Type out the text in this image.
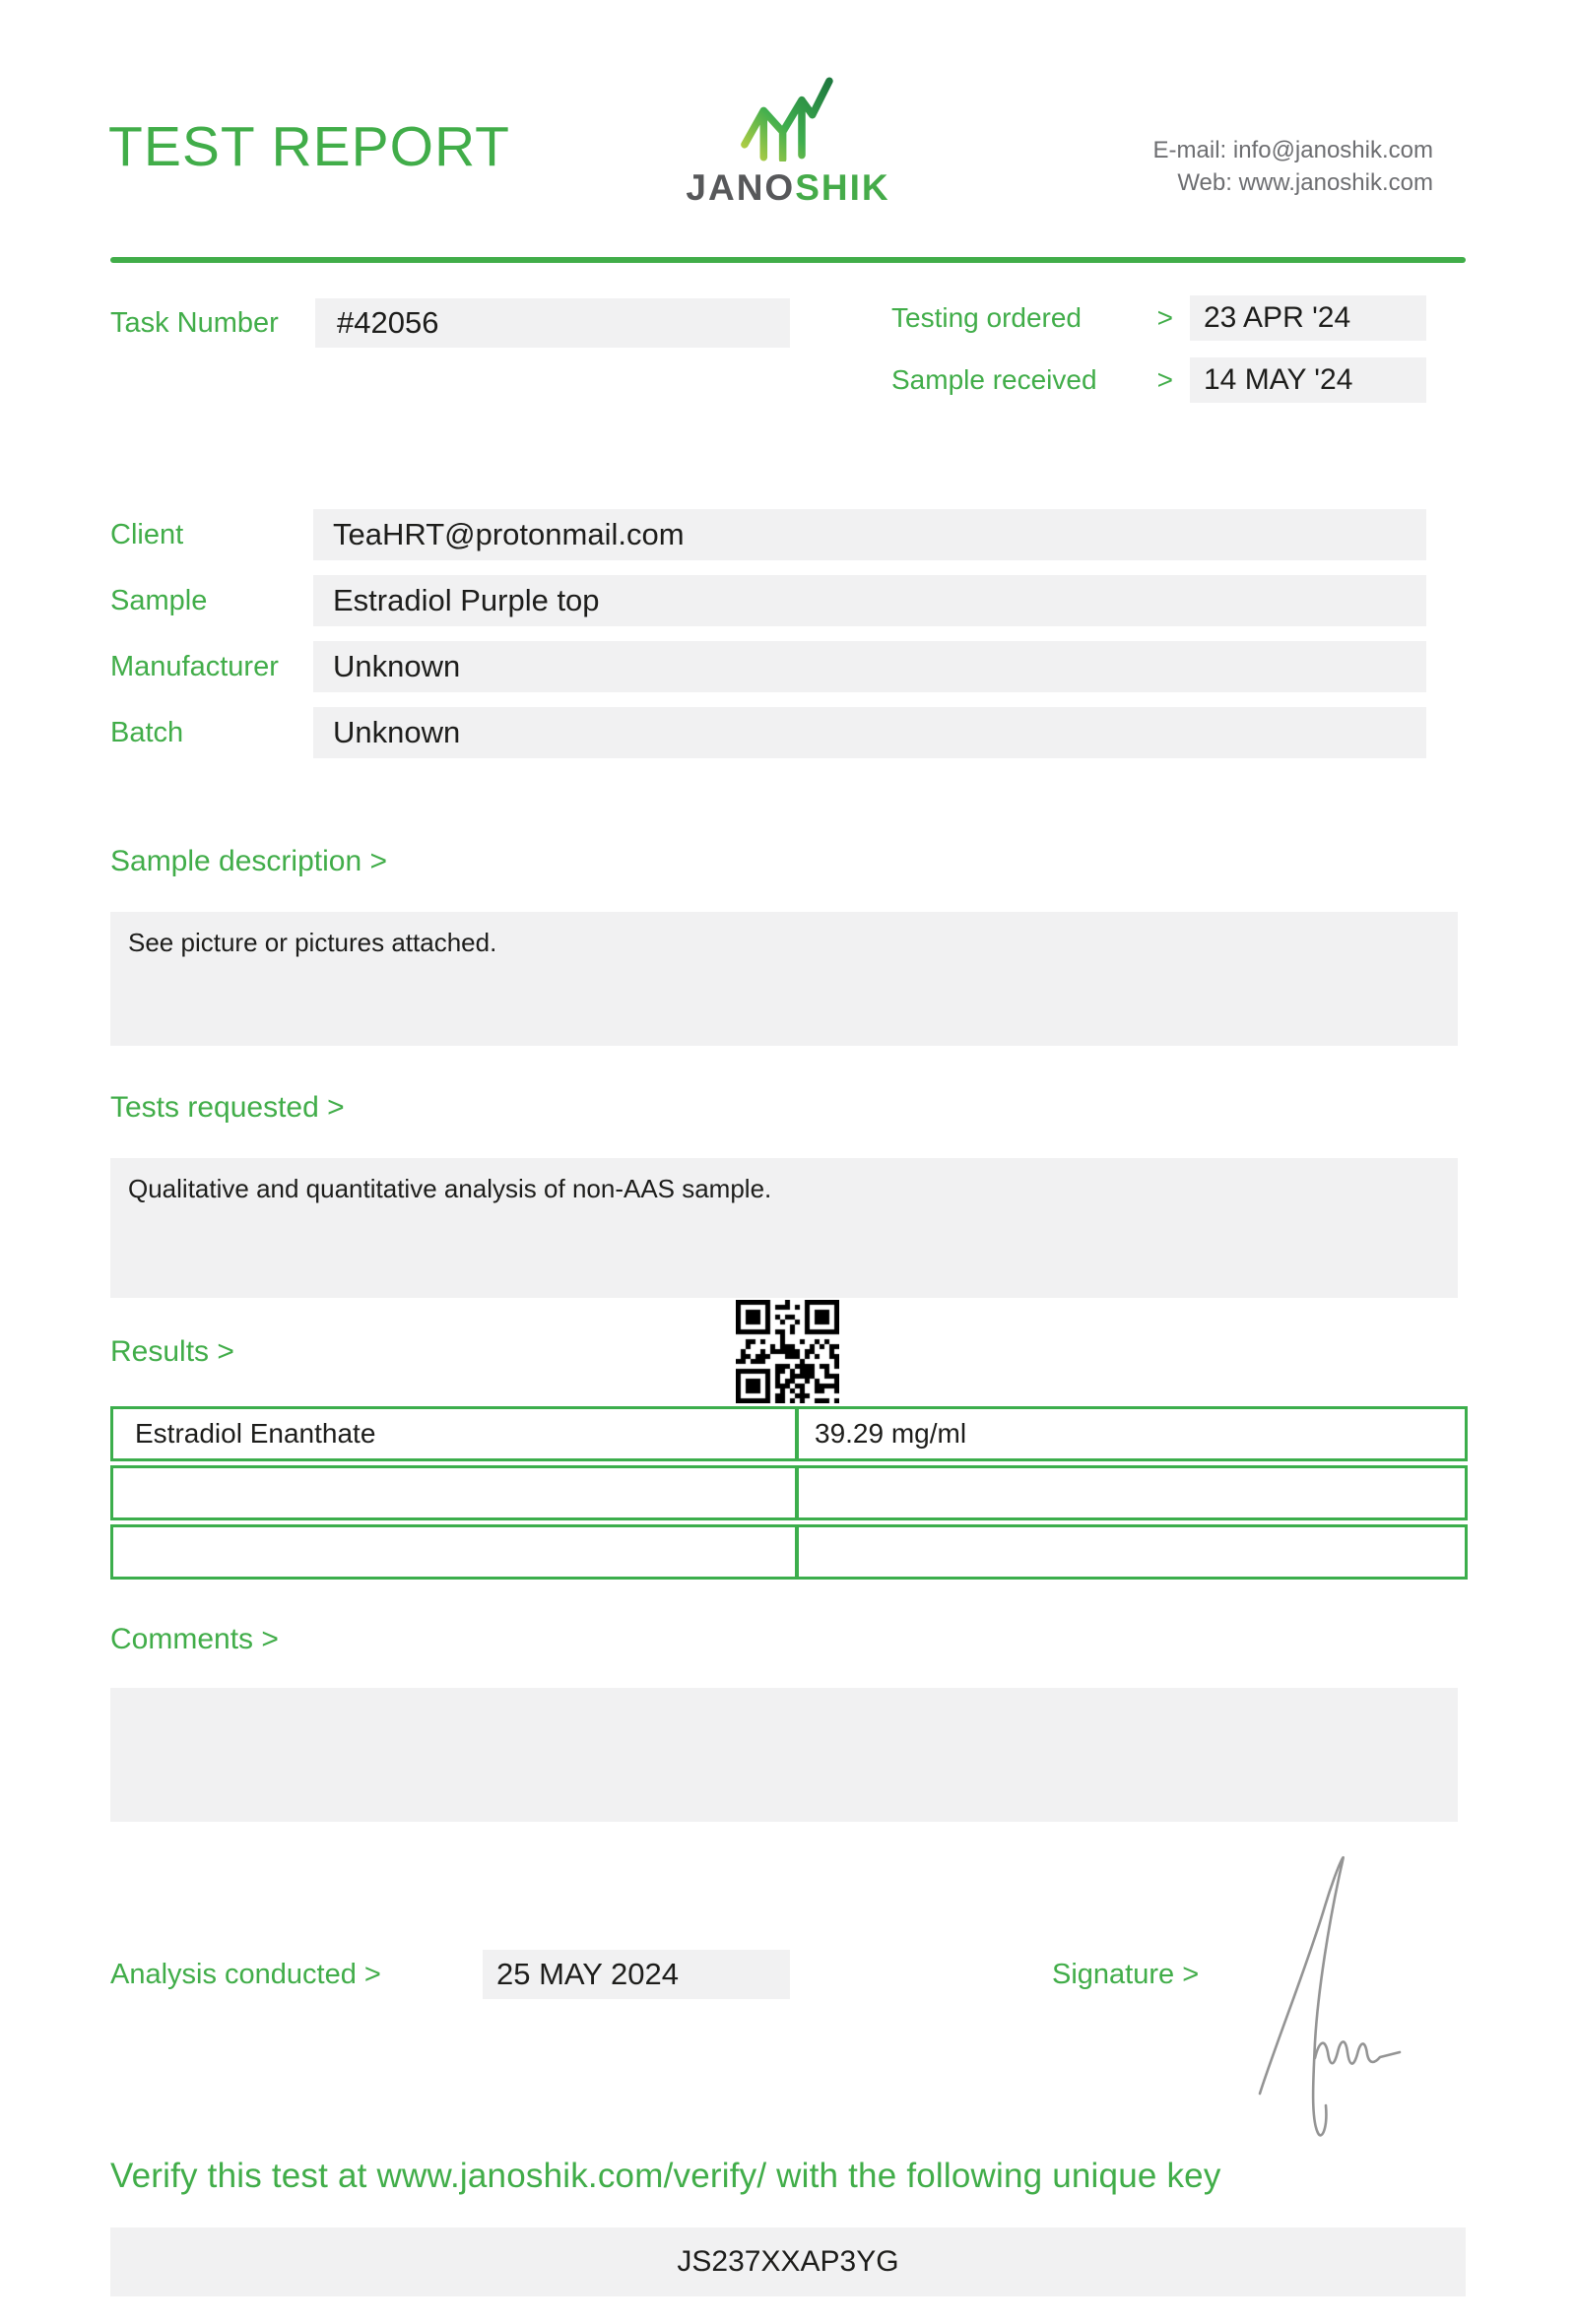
TEST REPORT
JANOSHIK
E-mail: info@janoshik.com
Web: www.janoshik.com
Task Number	#42056	Testing ordered	>	23 APR '24
Sample received >	14 MAY '24
Client	TeaHRT@protonmail.com
Sample	Estradiol Purple top
Manufacturer	Unknown
Batch	Unknown
Sample description >
See picture or pictures attached.
Tests requested >
Qualitative and quantitative analysis of non-AAS sample.
Results >
Estradiol Enanthate	39.29 mg/ml
Comments >
Analysis conducted >	25 MAY 2024	Signature >
Verify this test at www.janoshik.com/verify/ with the following unique key
JS237XXAP3YG
